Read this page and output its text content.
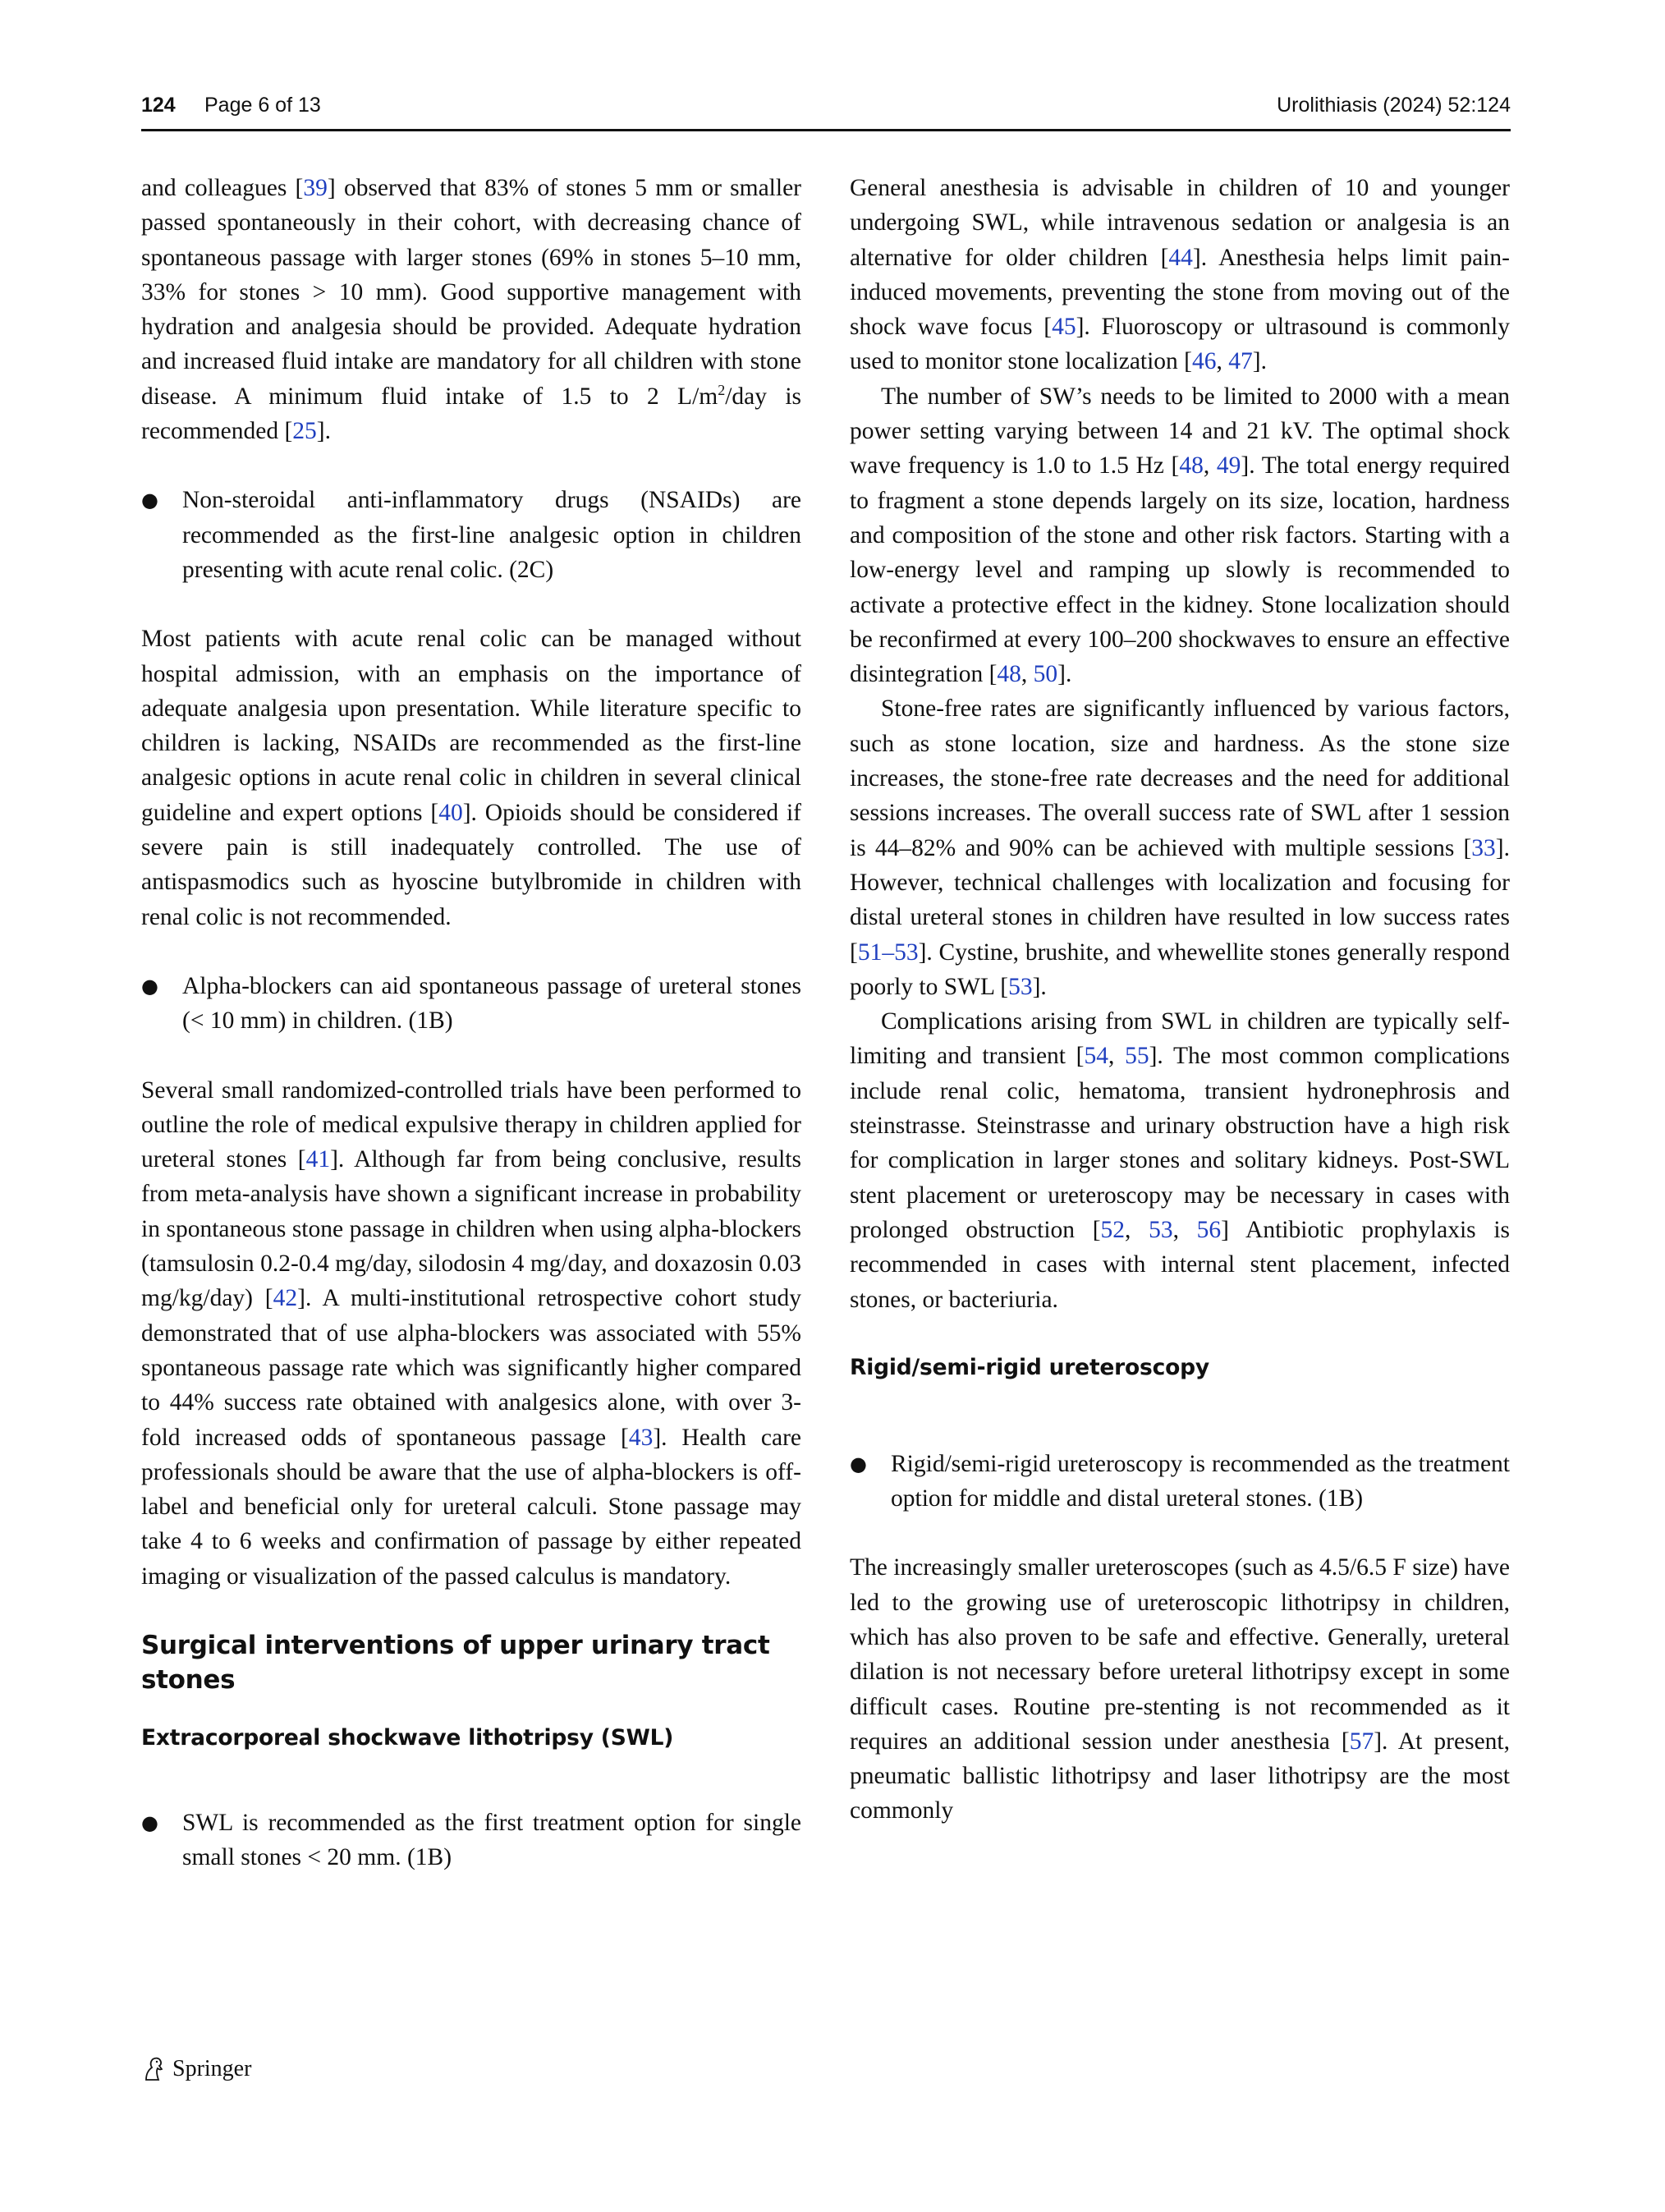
124 Page 6 of 13	Urolithiasis (2024) 52:124

and colleagues [39] observed that 83% of stones 5 mm or smaller passed spontaneously in their cohort, with decreasing chance of spontaneous passage with larger stones (69% in stones 5–10 mm, 33% for stones > 10 mm). Good supportive management with hydration and analgesia should be provided. Adequate hydration and increased fluid intake are mandatory for all children with stone disease. A minimum fluid intake of 1.5 to 2 $L/m^2$/day is recommended [25].

● Non-steroidal anti-inflammatory drugs (NSAIDs) are recommended as the first-line analgesic option in children presenting with acute renal colic. (2C)

Most patients with acute renal colic can be managed without hospital admission, with an emphasis on the importance of adequate analgesia upon presentation. While literature specific to children is lacking, NSAIDs are recommended as the first-line analgesic options in acute renal colic in children in several clinical guideline and expert options [40]. Opioids should be considered if severe pain is still inadequately controlled. The use of antispasmodics such as hyoscine butylbromide in children with renal colic is not recommended.

● Alpha-blockers can aid spontaneous passage of ureteral stones (< 10 mm) in children. (1B)

Several small randomized-controlled trials have been performed to outline the role of medical expulsive therapy in children applied for ureteral stones [41]. Although far from being conclusive, results from meta-analysis have shown a significant increase in probability in spontaneous stone passage in children when using alpha-blockers (tamsulosin 0.2-0.4 mg/day, silodosin 4 mg/day, and doxazosin 0.03 mg/kg/day) [42]. A multi-institutional retrospective cohort study demonstrated that of use alpha-blockers was associated with 55% spontaneous passage rate which was significantly higher compared to 44% success rate obtained with analgesics alone, with over 3-fold increased odds of spontaneous passage [43]. Health care professionals should be aware that the use of alpha-blockers is off-label and beneficial only for ureteral calculi. Stone passage may take 4 to 6 weeks and confirmation of passage by either repeated imaging or visualization of the passed calculus is mandatory.

Surgical interventions of upper urinary tract stones
Extracorporeal shockwave lithotripsy (SWL)
● SWL is recommended as the first treatment option for single small stones < 20 mm. (1B)

General anesthesia is advisable in children of 10 and younger undergoing SWL, while intravenous sedation or analgesia is an alternative for older children [44]. Anesthesia helps limit pain-induced movements, preventing the stone from moving out of the shock wave focus [45]. Fluoroscopy or ultrasound is commonly used to monitor stone localization [46, 47].

The number of SW’s needs to be limited to 2000 with a mean power setting varying between 14 and 21 kV. The optimal shock wave frequency is 1.0 to 1.5 Hz [48, 49]. The total energy required to fragment a stone depends largely on its size, location, hardness and composition of the stone and other risk factors. Starting with a low-energy level and ramping up slowly is recommended to activate a protective effect in the kidney. Stone localization should be reconfirmed at every 100–200 shockwaves to ensure an effective disintegration [48, 50].

Stone-free rates are significantly influenced by various factors, such as stone location, size and hardness. As the stone size increases, the stone-free rate decreases and the need for additional sessions increases. The overall success rate of SWL after 1 session is 44–82% and 90% can be achieved with multiple sessions [33]. However, technical challenges with localization and focusing for distal ureteral stones in children have resulted in low success rates [51–53]. Cystine, brushite, and whewellite stones generally respond poorly to SWL [53].

Complications arising from SWL in children are typically self-limiting and transient [54, 55]. The most common complications include renal colic, hematoma, transient hydronephrosis and steinstrasse. Steinstrasse and urinary obstruction have a high risk for complication in larger stones and solitary kidneys. Post-SWL stent placement or ureteroscopy may be necessary in cases with prolonged obstruction [52, 53, 56] Antibiotic prophylaxis is recommended in cases with internal stent placement, infected stones, or bacteriuria.

Rigid/semi-rigid ureteroscopy
● Rigid/semi-rigid ureteroscopy is recommended as the treatment option for middle and distal ureteral stones. (1B)

The increasingly smaller ureteroscopes (such as 4.5/6.5 F size) have led to the growing use of ureteroscopic lithotripsy in children, which has also proven to be safe and effective. Generally, ureteral dilation is not necessary before ureteral lithotripsy except in some difficult cases. Routine pre-stenting is not recommended as it requires an additional session under anesthesia [57]. At present, pneumatic ballistic lithotripsy and laser lithotripsy are the most commonly

Springer
